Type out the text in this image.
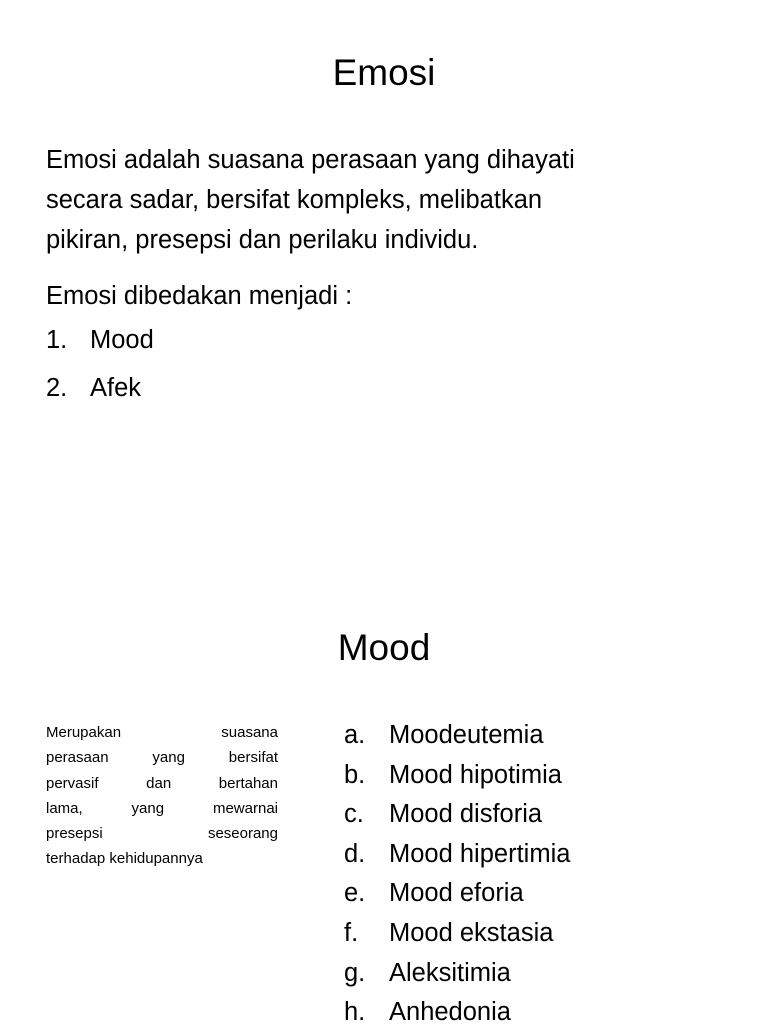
Emosi
Emosi adalah suasana perasaan yang dihayati
secara sadar, bersifat kompleks, melibatkan
pikiran, presepsi dan perilaku individu.
Emosi dibedakan menjadi :
1. Mood
2. Afek
Mood
Merupakan suasana
perasaan yang bersifat
pervasif dan bertahan
lama, yang mewarnai
presepsi seseorang
terhadap kehidupannya
a. Moodeutemia
b. Mood hipotimia
c. Mood disforia
d. Mood hipertimia
e. Mood eforia
f. Mood ekstasia
g. Aleksitimia
h. Anhedonia
